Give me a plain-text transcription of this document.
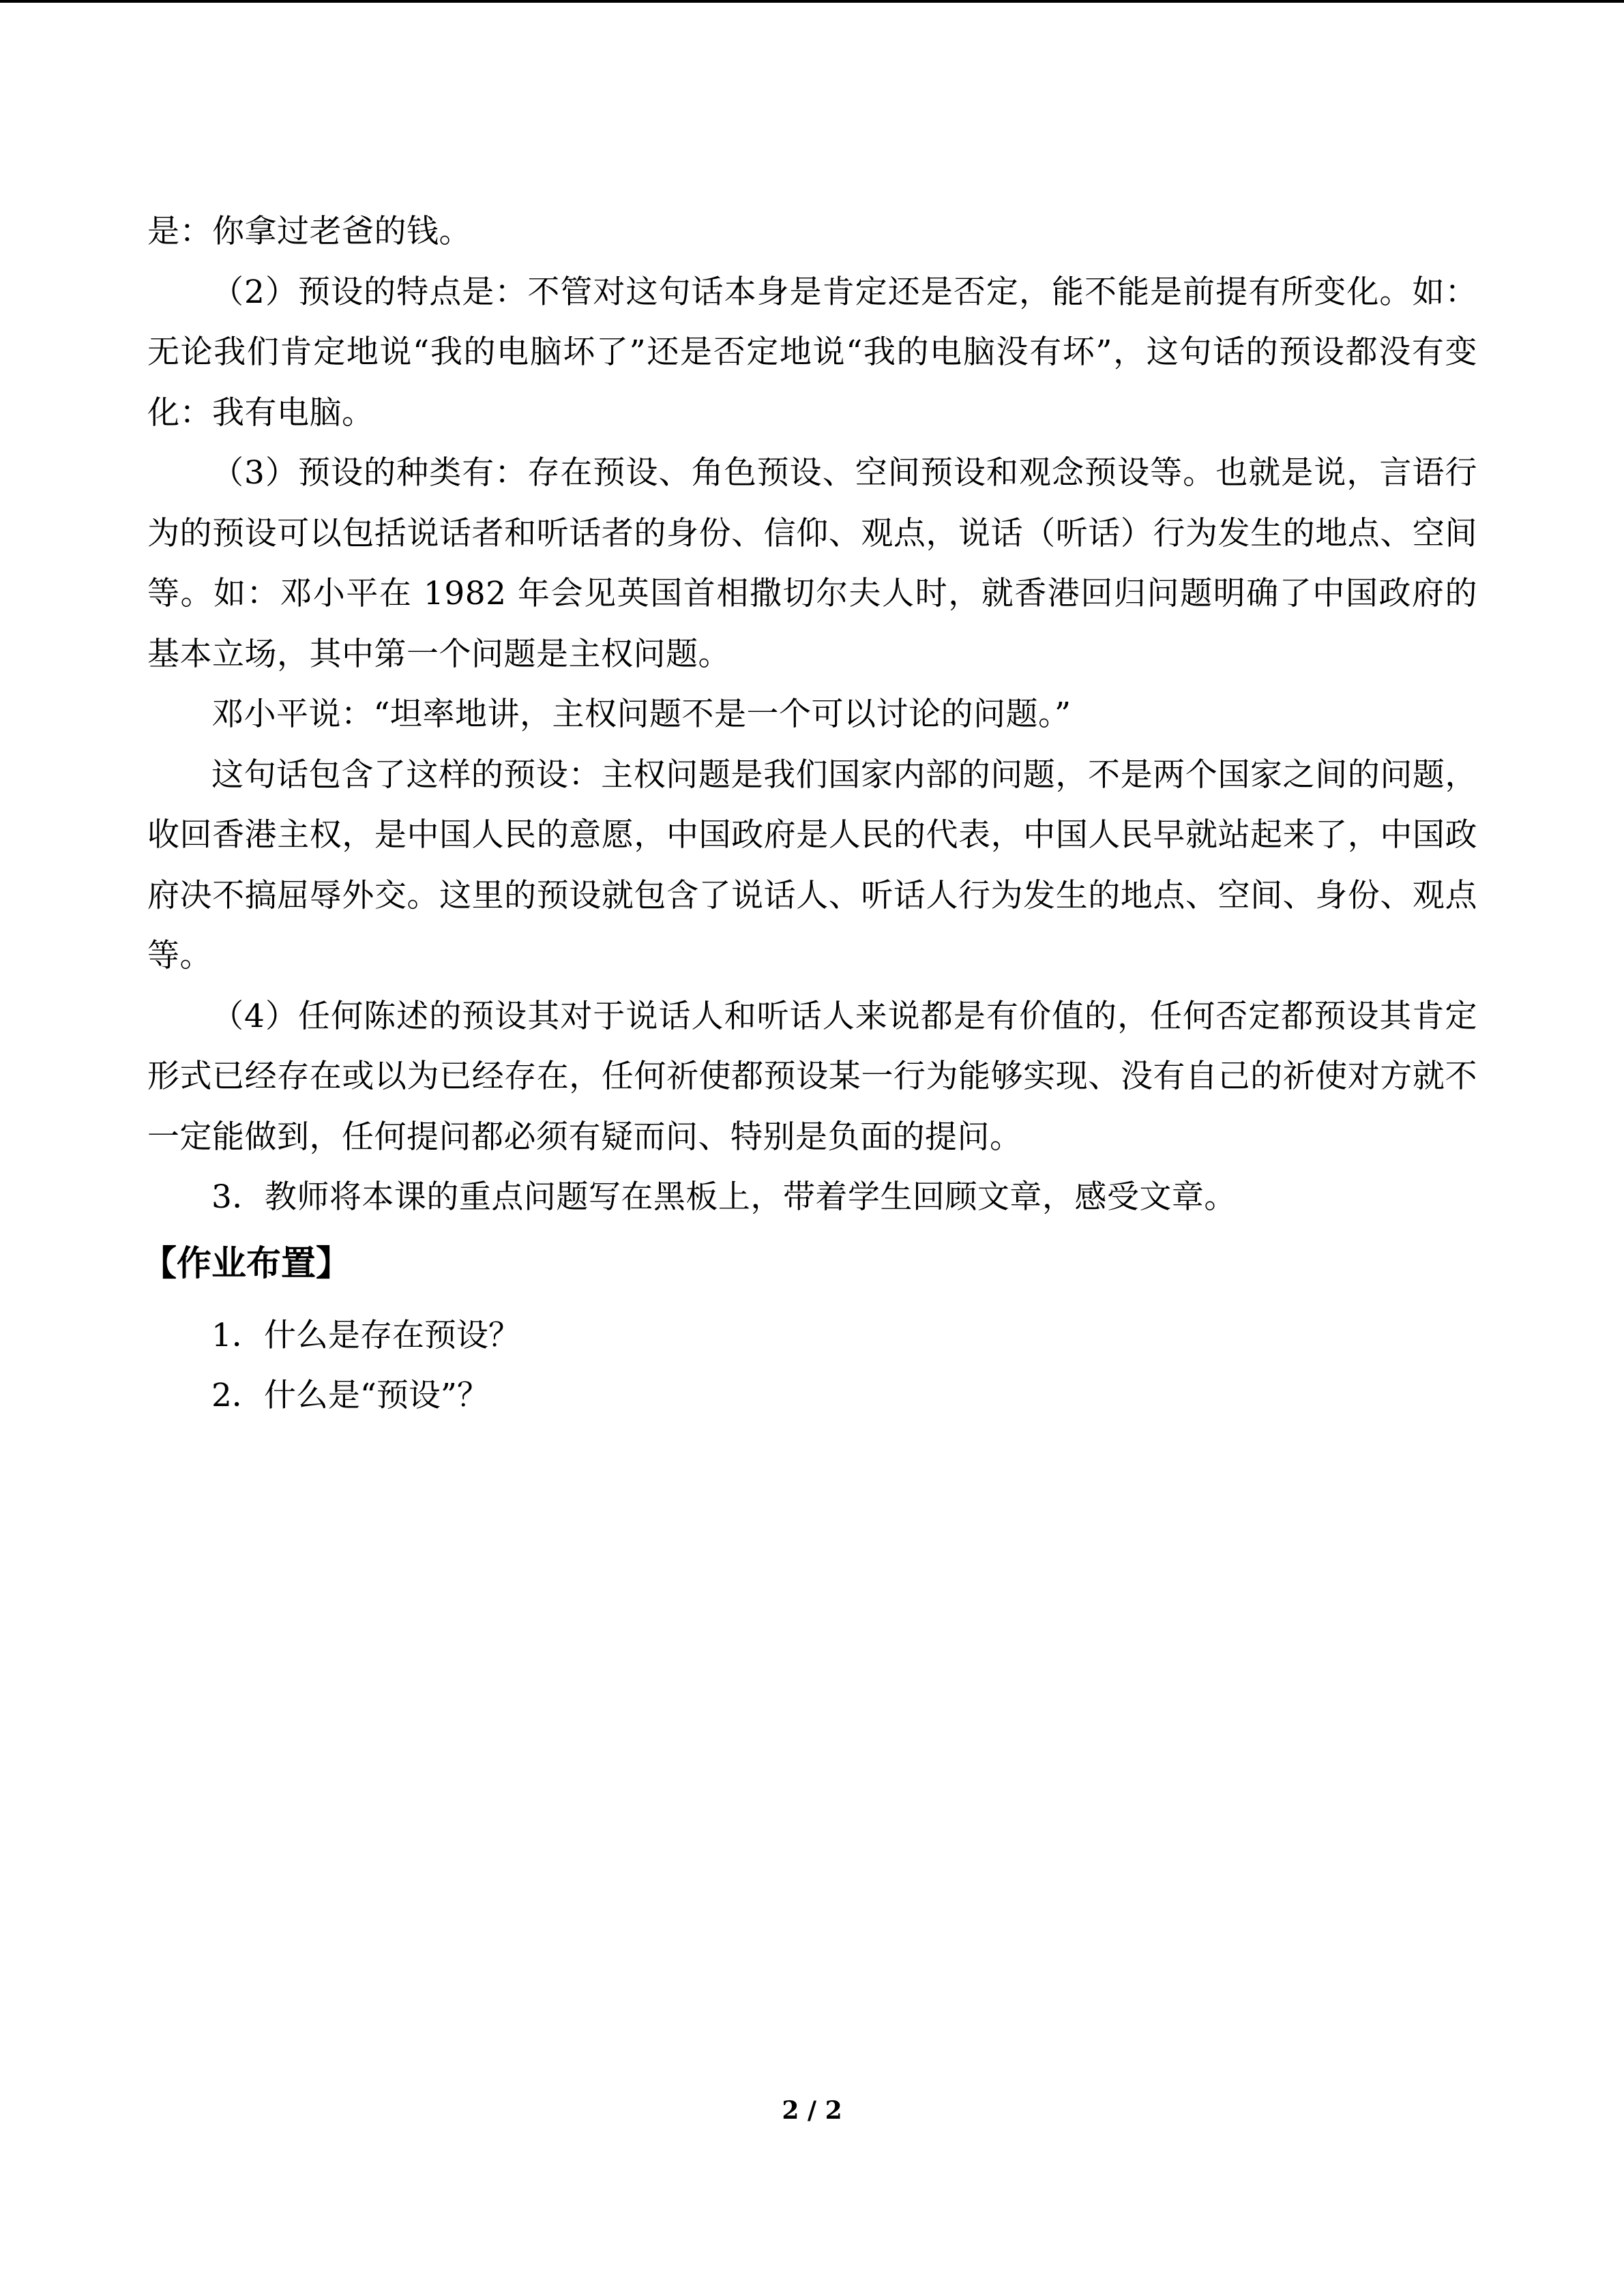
是：你拿过老爸的钱。

（2）预设的特点是：不管对这句话本身是肯定还是否定，能不能是前提有所变化。如：无论我们肯定地说“我的电脑坏了”还是否定地说“我的电脑没有坏”，这句话的预设都没有变化：我有电脑。

（3）预设的种类有：存在预设、角色预设、空间预设和观念预设等。也就是说，言语行为的预设可以包括说话者和听话者的身份、信仰、观点，说话（听话）行为发生的地点、空间等。如：邓小平在 1982 年会见英国首相撒切尔夫人时，就香港回归问题明确了中国政府的基本立场，其中第一个问题是主权问题。

邓小平说：“坦率地讲，主权问题不是一个可以讨论的问题。”

这句话包含了这样的预设：主权问题是我们国家内部的问题，不是两个国家之间的问题，收回香港主权，是中国人民的意愿，中国政府是人民的代表，中国人民早就站起来了，中国政府决不搞屈辱外交。这里的预设就包含了说话人、听话人行为发生的地点、空间、身份、观点等。

（4）任何陈述的预设其对于说话人和听话人来说都是有价值的，任何否定都预设其肯定形式已经存在或以为已经存在，任何祈使都预设某一行为能够实现、没有自己的祈使对方就不一定能做到，任何提问都必须有疑而问、特别是负面的提问。

3．教师将本课的重点问题写在黑板上，带着学生回顾文章，感受文章。

【作业布置】
1．什么是存在预设？
2．什么是“预设”？
2 / 2
